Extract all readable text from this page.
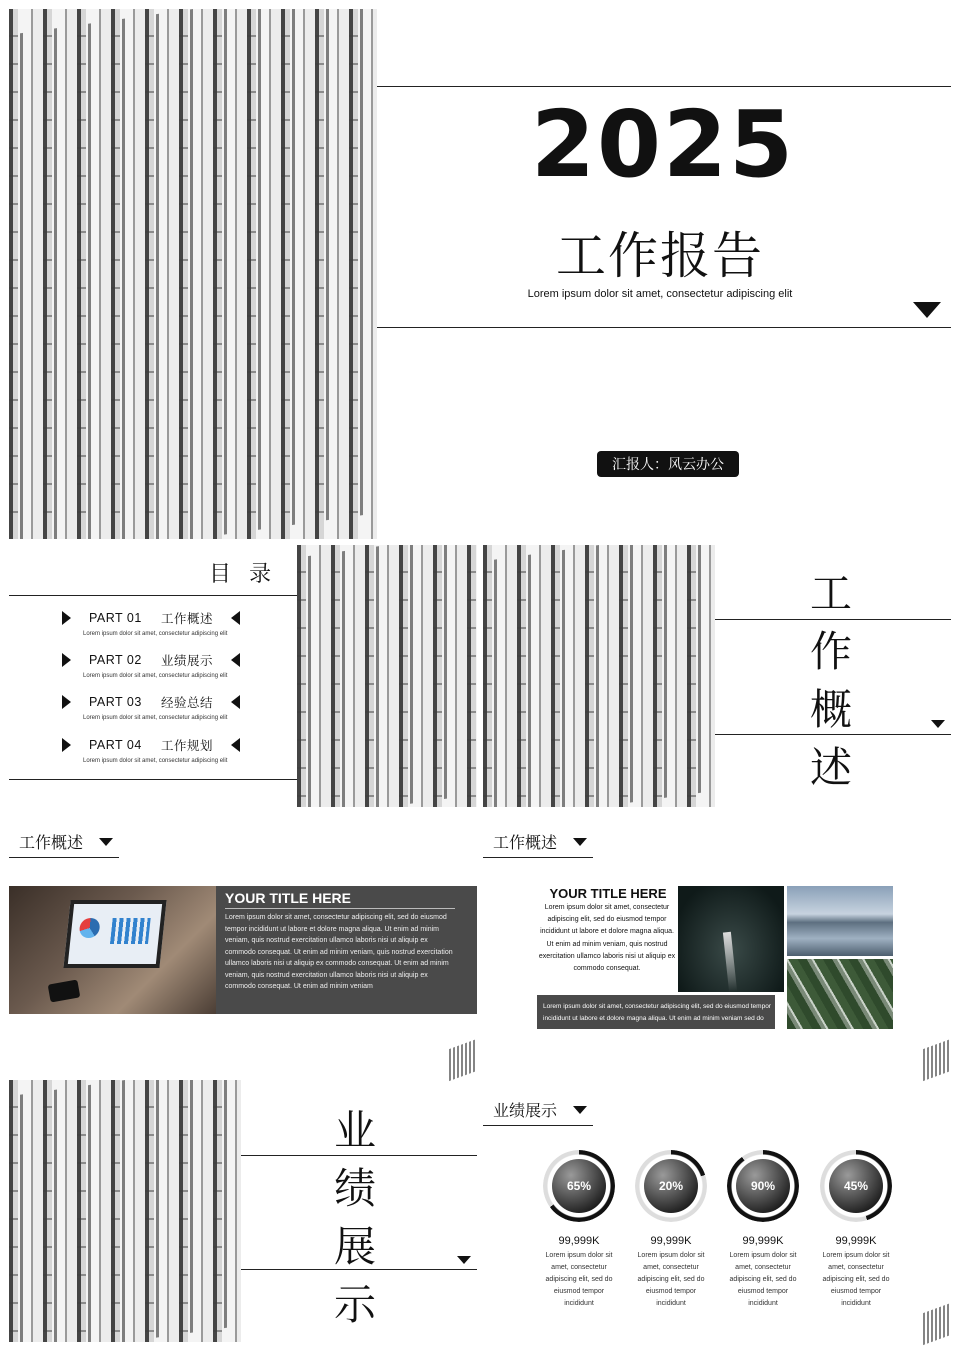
2025
工作报告
Lorem ipsum dolor sit amet, consectetur adipiscing elit
汇报人：风云办公
目 录
PART 01	工作概述
Lorem ipsum dolor sit amet, consectetur adipiscing elit
PART 02	业绩展示
Lorem ipsum dolor sit amet, consectetur adipiscing elit
PART 03	经验总结
Lorem ipsum dolor sit amet, consectetur adipiscing elit
PART 04	工作规划
Lorem ipsum dolor sit amet, consectetur adipiscing elit
工
作
概
述
工作概述
YOUR TITLE HERE
Lorem ipsum dolor sit amet, consectetur adipiscing elit, sed do eiusmod tempor incididunt ut labore et dolore magna aliqua. Ut enim ad minim veniam, quis nostrud exercitation ullamco laboris nisi ut aliquip ex commodo consequat. Ut enim ad minim veniam, quis nostrud exercitation ullamco laboris nisi ut aliquip ex commodo consequat. Ut enim ad minim veniam, quis nostrud exercitation ullamco laboris nisi ut aliquip ex commodo consequat. Ut enim ad minim veniam
工作概述
YOUR TITLE HERE
Lorem ipsum dolor sit amet, consectetur adipiscing elit, sed do eiusmod tempor incididunt ut labore et dolore magna aliqua. Ut enim ad minim veniam, quis nostrud exercitation ullamco laboris nisi ut aliquip ex commodo consequat.
Lorem ipsum dolor sit amet, consectetur adipiscing elit, sed do eiusmod tempor incididunt ut labore et dolore magna aliqua. Ut enim ad minim veniam sed do
业
绩
展
示
业绩展示
65%	20%	90%	45%
99,999K
Lorem ipsum dolor sit amet, consectetur adipiscing elit, sed do eiusmod tempor incididunt
99,999K
Lorem ipsum dolor sit amet, consectetur adipiscing elit, sed do eiusmod tempor incididunt
99,999K
Lorem ipsum dolor sit amet, consectetur adipiscing elit, sed do eiusmod tempor incididunt
99,999K
Lorem ipsum dolor sit amet, consectetur adipiscing elit, sed do eiusmod tempor incididunt
